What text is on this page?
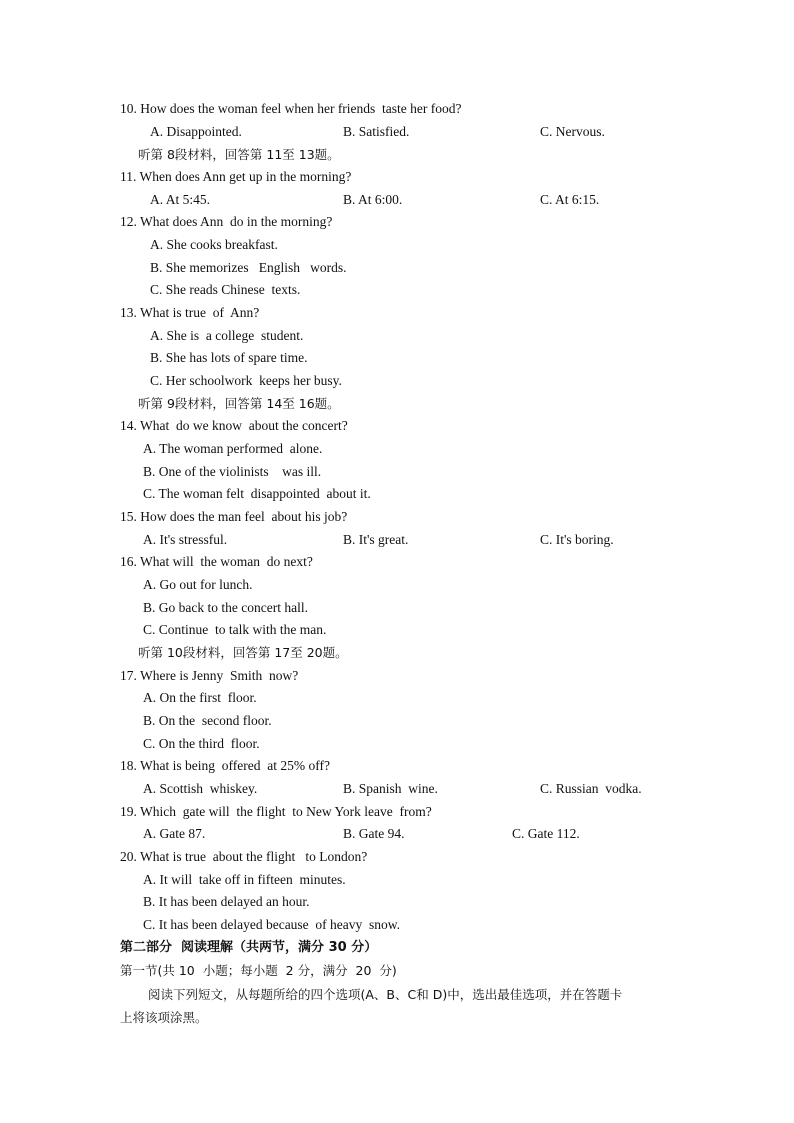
10. How does the woman feel when her friends  taste her food?
A. Disappointed.	B. Satisfied.	C. Nervous.
听第 8段材料，回答第 11至 13题。
11. When does Ann get up in the morning?
A. At 5:45.	B. At 6:00.	C. At 6:15.
12. What does Ann  do in the morning?
A. She cooks breakfast.
B. She memorizes   English   words.
C. She reads Chinese  texts.
13. What is true  of  Ann?
A. She is  a college  student.
B. She has lots of spare time.
C. Her schoolwork  keeps her busy.
听第 9段材料，回答第 14至 16题。
14. What  do we know  about the concert?
A. The woman performed  alone.
B. One of the violinists    was ill.
C. The woman felt  disappointed  about it.
15. How does the man feel  about his job?
A. It's stressful.	B. It's great.	C. It's boring.
16. What will  the woman  do next?
A. Go out for lunch.
B. Go back to the concert hall.
C. Continue  to talk with the man.
听第 10段材料，回答第 17至 20题。
17. Where is Jenny  Smith  now?
A. On the first  floor.
B. On the  second floor.
C. On the third  floor.
18. What is being  offered  at 25% off?
A. Scottish  whiskey.	B. Spanish  wine.	C. Russian  vodka.
19. Which  gate will  the flight  to New York leave  from?
A. Gate 87.	B. Gate 94.	C. Gate 112.
20. What is true  about the flight   to London?
A. It will  take off in fifteen  minutes.
B. It has been delayed an hour.
C. It has been delayed because  of heavy  snow.
第二部分  阅读理解（共两节，满分 30 分）
第一节(共 10  小题；每小题  2 分，满分  20  分)
阅读下列短文，从每题所给的四个选项(A、B、C和 D)中，选出最佳选项，并在答题卡
上将该项涂黑。
